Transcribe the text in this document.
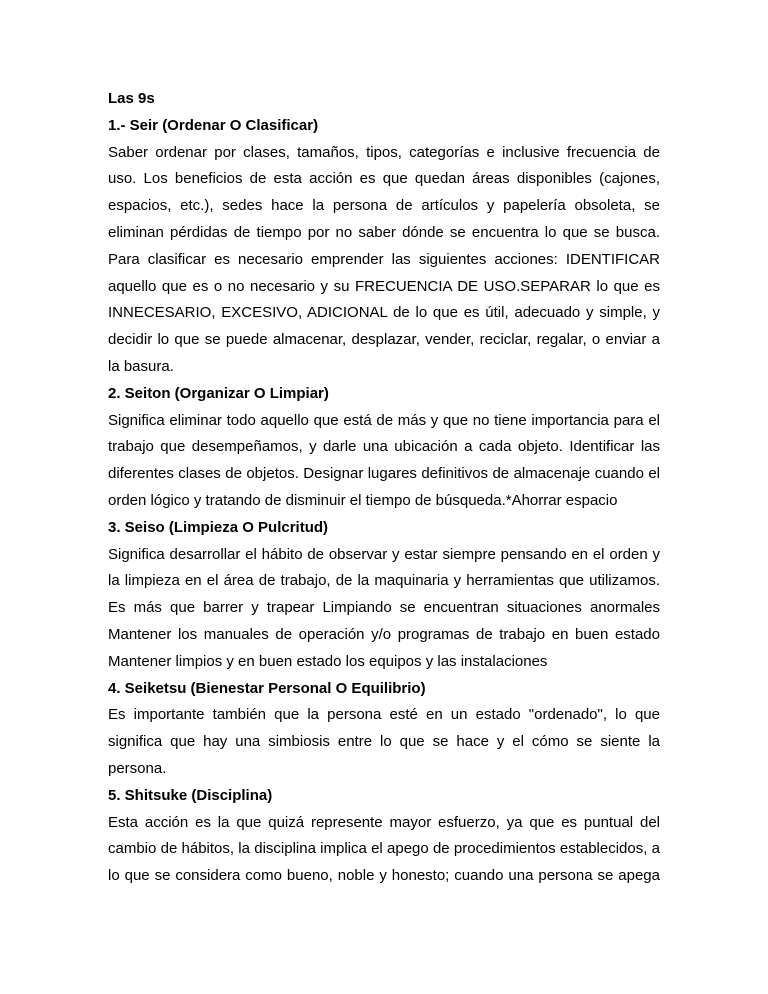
Las 9s
1.- Seir (Ordenar O Clasificar)
Saber ordenar por clases, tamaños, tipos, categorías e inclusive frecuencia de
uso. Los beneficios de esta acción es que quedan áreas disponibles (cajones,
espacios, etc.), sedes hace la persona de artículos y papelería obsoleta, se
eliminan pérdidas de tiempo por no saber dónde se encuentra lo que se busca.
Para clasificar es necesario emprender las siguientes acciones: IDENTIFICAR
aquello que es o no necesario y su FRECUENCIA DE USO.SEPARAR lo que es
INNECESARIO, EXCESIVO, ADICIONAL de lo que es útil, adecuado y simple, y
decidir lo que se puede almacenar, desplazar, vender, reciclar, regalar, o enviar a
la basura.
2. Seiton (Organizar O Limpiar)
Significa eliminar todo aquello que está de más y que no tiene importancia para el
trabajo que desempeñamos, y darle una ubicación a cada objeto. Identificar las
diferentes clases de objetos. Designar lugares definitivos de almacenaje cuando el
orden lógico y tratando de disminuir el tiempo de búsqueda.*Ahorrar espacio
3. Seiso (Limpieza O Pulcritud)
Significa desarrollar el hábito de observar y estar siempre pensando en el orden y
la limpieza en el área de trabajo, de la maquinaria y herramientas que utilizamos.
Es más que barrer y trapear Limpiando se encuentran situaciones anormales
Mantener los manuales de operación y/o programas de trabajo en buen estado
Mantener limpios y en buen estado los equipos y las instalaciones
4. Seiketsu (Bienestar Personal O Equilibrio)
Es importante también que la persona esté en un estado "ordenado", lo que
significa que hay una simbiosis entre lo que se hace y el cómo se siente la
persona.
5. Shitsuke (Disciplina)
Esta acción es la que quizá represente mayor esfuerzo, ya que es puntual del
cambio de hábitos, la disciplina implica el apego de procedimientos establecidos, a
lo que se considera como bueno, noble y honesto; cuando una persona se apega
